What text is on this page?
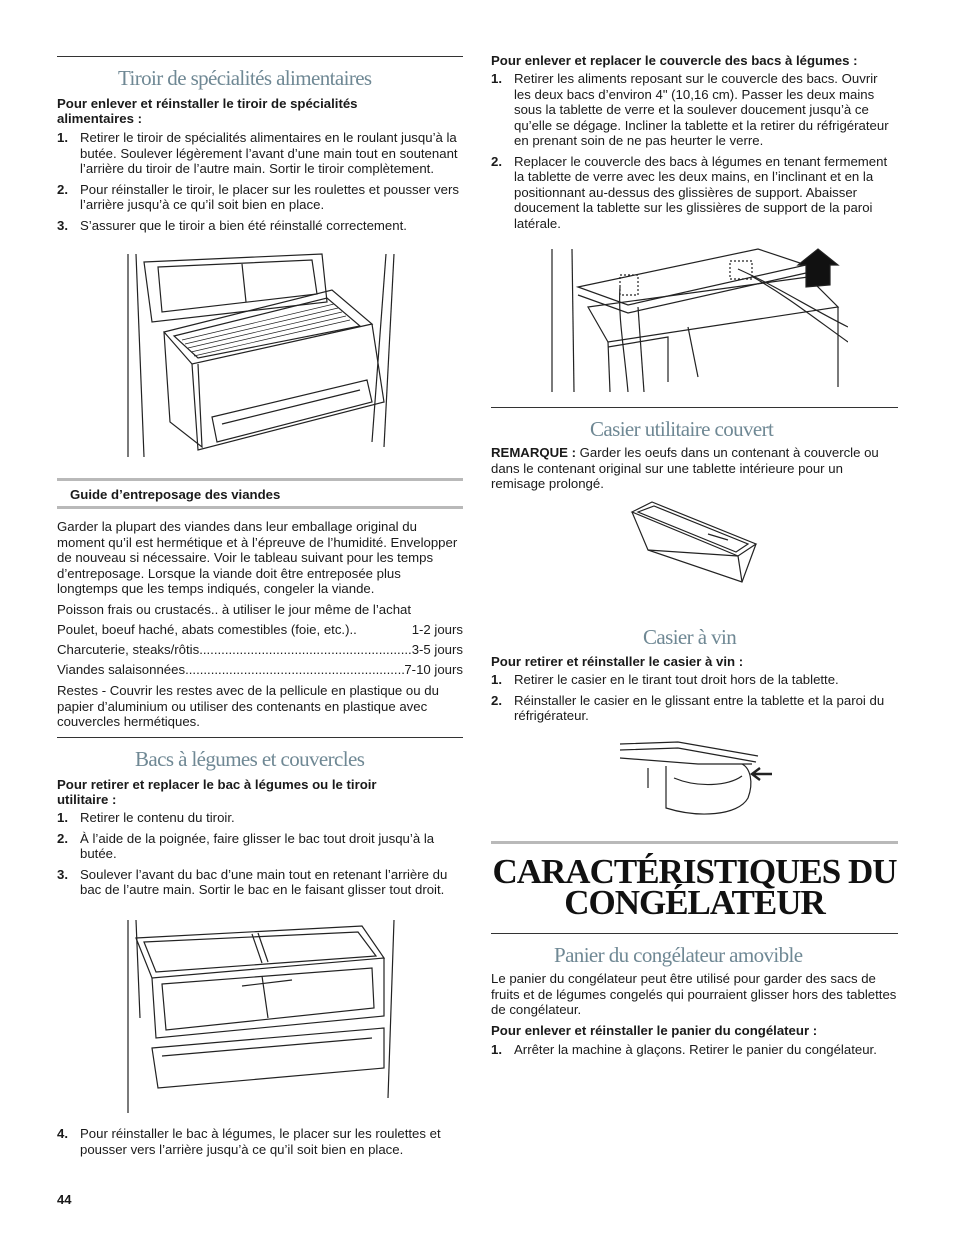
Tiroir de spécialités alimentaires
Pour enlever et réinstaller le tiroir de spécialités alimentaires :
1. Retirer le tiroir de spécialités alimentaires en le roulant jusqu’à la butée. Soulever légèrement l’avant d’une main tout en soutenant l’arrière du tiroir de l’autre main. Sortir le tiroir complètement.
2. Pour réinstaller le tiroir, le placer sur les roulettes et pousser vers l’arrière jusqu’à ce qu’il soit bien en place.
3. S’assurer que le tiroir a bien été réinstallé correctement.
Guide d’entreposage des viandes
Garder la plupart des viandes dans leur emballage original du moment qu’il est hermétique et à l’épreuve de l’humidité. Envelopper de nouveau si nécessaire. Voir le tableau suivant pour les temps d’entreposage. Lorsque la viande doit être entreposée plus longtemps que les temps indiqués, congeler la viande.
Poisson frais ou crustacés.. à utiliser le jour même de l’achat
Poulet, boeuf haché, abats comestibles (foie, etc.)..	1-2 jours
Charcuterie, steaks/rôtis .....	3-5 jours
Viandes salaisonnées .....	7-10 jours
Restes - Couvrir les restes avec de la pellicule en plastique ou du papier d’aluminium ou utiliser des contenants en plastique avec couvercles hermétiques.
Bacs à légumes et couvercles
Pour retirer et replacer le bac à légumes ou le tiroir utilitaire :
1. Retirer le contenu du tiroir.
2. À l’aide de la poignée, faire glisser le bac tout droit jusqu’à la butée.
3. Soulever l’avant du bac d’une main tout en retenant l’arrière du bac de l’autre main. Sortir le bac en le faisant glisser tout droit.
4. Pour réinstaller le bac à légumes, le placer sur les roulettes et pousser vers l’arrière jusqu’à ce qu’il soit bien en place.
44
Pour enlever et replacer le couvercle des bacs à légumes :
1. Retirer les aliments reposant sur le couvercle des bacs. Ouvrir les deux bacs d’environ 4" (10,16 cm). Passer les deux mains sous la tablette de verre et la soulever doucement jusqu’à ce qu’elle se dégage. Incliner la tablette et la retirer du réfrigérateur en prenant soin de ne pas heurter le verre.
2. Replacer le couvercle des bacs à légumes en tenant fermement la tablette de verre avec les deux mains, en l’inclinant et en la positionnant au-dessus des glissières de support. Abaisser doucement la tablette sur les glissières de support de la paroi latérale.
Casier utilitaire couvert
REMARQUE : Garder les oeufs dans un contenant à couvercle ou dans le contenant original sur une tablette intérieure pour un remisage prolongé.
Casier à vin
Pour retirer et réinstaller le casier à vin :
1. Retirer le casier en le tirant tout droit hors de la tablette.
2. Réinstaller le casier en le glissant entre la tablette et la paroi du réfrigérateur.
CARACTÉRISTIQUES DU
CONGÉLATEUR
Panier du congélateur amovible
Le panier du congélateur peut être utilisé pour garder des sacs de fruits et de légumes congelés qui pourraient glisser hors des tablettes de congélateur.
Pour enlever et réinstaller le panier du congélateur :
1. Arrêter la machine à glaçons. Retirer le panier du congélateur.
